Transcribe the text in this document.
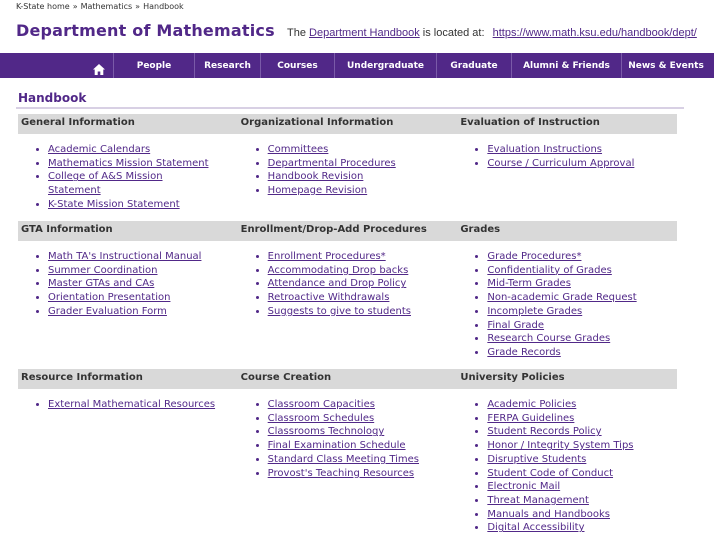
K-State home » Mathematics » Handbook
Department of Mathematics The Department Handbook is located at: https://www.math.ksu.edu/handbook/dept/
People	Research	Courses	Undergraduate	Graduate	Alumni & Friends	News & Events
Handbook
General Information	Organizational Information	Evaluation of Instruction
• Academic Calendars
• Mathematics Mission Statement
• College of A&S Mission Statement
• K-State Mission Statement
• Committees
• Departmental Procedures
• Handbook Revision
• Homepage Revision
• Evaluation Instructions
• Course / Curriculum Approval
GTA Information	Enrollment/Drop-Add Procedures	Grades
• Math TA's Instructional Manual
• Summer Coordination
• Master GTAs and CAs
• Orientation Presentation
• Grader Evaluation Form
• Enrollment Procedures*
• Accommodating Drop backs
• Attendance and Drop Policy
• Retroactive Withdrawals
• Suggests to give to students
• Grade Procedures*
• Confidentiality of Grades
• Mid-Term Grades
• Non-academic Grade Request
• Incomplete Grades
• Final Grade
• Research Course Grades
• Grade Records
Resource Information	Course Creation	University Policies
• External Mathematical Resources
•	Classroom Capacities
• Classroom Schedules
• Classrooms Technology
• Final Examination Schedule
• Standard Class Meeting Times
• Provost's Teaching Resources
• Academic Policies
• FERPA Guidelines
• Student Records Policy
• Honor / Integrity System Tips
• Disruptive Students
• Student Code of Conduct
• Electronic Mail
• Threat Management
• Manuals and Handbooks
• Digital Accessibility
